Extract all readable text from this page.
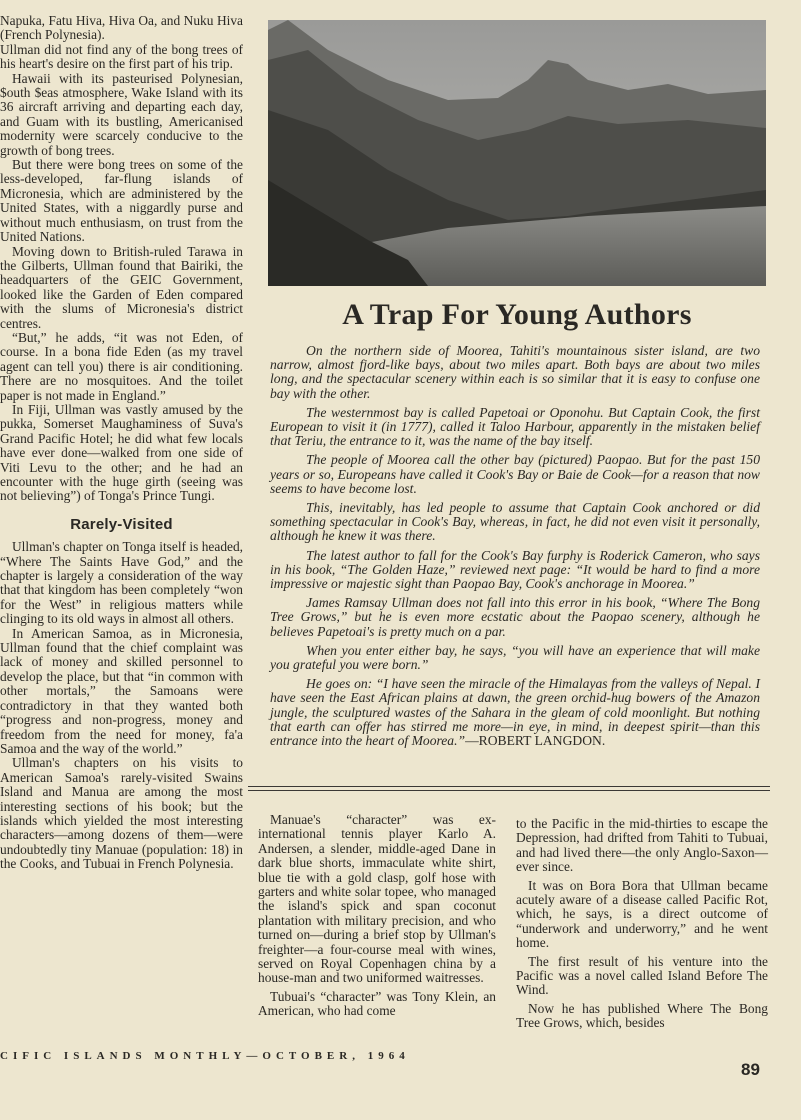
Napuka, Fatu Hiva, Hiva Oa, and Nuku Hiva (French Polynesia).

Ullman did not find any of the bong trees of his heart's desire on the first part of his trip.

Hawaii with its pasteurised Polynesian, $outh $eas atmosphere, Wake Island with its 36 aircraft arriving and departing each day, and Guam with its bustling, Americanised modernity were scarcely conducive to the growth of bong trees.

But there were bong trees on some of the less-developed, far-flung islands of Micronesia, which are administered by the United States, with a niggardly purse and without much enthusiasm, on trust from the United Nations.

Moving down to British-ruled Tarawa in the Gilberts, Ullman found that Bairiki, the headquarters of the GEIC Government, looked like the Garden of Eden compared with the slums of Micronesia's district centres.

“But,” he adds, “it was not Eden, of course. In a bona fide Eden (as my travel agent can tell you) there is air conditioning. There are no mosquitoes. And the toilet paper is not made in England.”

In Fiji, Ullman was vastly amused by the pukka, Somerset Maughaminess of Suva's Grand Pacific Hotel; he did what few locals have ever done—walked from one side of Viti Levu to the other; and he had an encounter with the huge girth (seeing was not believing”) of Tonga's Prince Tungi.

Rarely-Visited

Ullman's chapter on Tonga itself is headed, “Where The Saints Have God,” and the chapter is largely a consideration of the way that that kingdom has been completely “won for the West” in religious matters while clinging to its old ways in almost all others.

In American Samoa, as in Micronesia, Ullman found that the chief complaint was lack of money and skilled personnel to develop the place, but that “in common with other mortals,” the Samoans were contradictory in that they wanted both “progress and non-progress, money and freedom from the need for money, fa'a Samoa and the way of the world.”

Ullman's chapters on his visits to American Samoa's rarely-visited Swains Island and Manua are among the most interesting sections of his book; but the islands which yielded the most interesting characters—among dozens of them—were undoubtedly tiny Manuae (population: 18) in the Cooks, and Tubuai in French Polynesia.

A Trap For Young Authors

On the northern side of Moorea, Tahiti's mountainous sister island, are two narrow, almost fjord-like bays, about two miles apart. Both bays are about two miles long, and the spectacular scenery within each is so similar that it is easy to confuse one bay with the other.

The westernmost bay is called Papetoai or Oponohu. But Captain Cook, the first European to visit it (in 1777), called it Taloo Harbour, apparently in the mistaken belief that Teriu, the entrance to it, was the name of the bay itself.

The people of Moorea call the other bay (pictured) Paopao. But for the past 150 years or so, Europeans have called it Cook's Bay or Baie de Cook—for a reason that now seems to have become lost.

This, inevitably, has led people to assume that Captain Cook anchored or did something spectacular in Cook's Bay, whereas, in fact, he did not even visit it personally, although he knew it was there.

The latest author to fall for the Cook's Bay furphy is Roderick Cameron, who says in his book, “The Golden Haze,” reviewed next page: “It would be hard to find a more impressive or majestic sight than Paopao Bay, Cook's anchorage in Moorea.”

James Ramsay Ullman does not fall into this error in his book, “Where The Bong Tree Grows,” but he is even more ecstatic about the Paopao scenery, although he believes Papetoai's is pretty much on a par.

When you enter either bay, he says, “you will have an experience that will make you grateful you were born.”

He goes on: “I have seen the miracle of the Himalayas from the valleys of Nepal. I have seen the East African plains at dawn, the green orchid-hug bowers of the Amazon jungle, the sculptured wastes of the Sahara in the gleam of cold moonlight. But nothing that earth can offer has stirred me more—in eye, in mind, in deepest spirit—than this entrance into the heart of Moorea.”—ROBERT LANGDON.

Manuae's “character” was ex-international tennis player Karlo A. Andersen, a slender, middle-aged Dane in dark blue shorts, immaculate white shirt, blue tie with a gold clasp, golf hose with garters and white solar topee, who managed the island's spick and span coconut plantation with military precision, and who turned on—during a brief stop by Ullman's freighter—a four-course meal with wines, served on Royal Copenhagen china by a house-man and two uniformed waitresses.

Tubuai's “character” was Tony Klein, an American, who had come

to the Pacific in the mid-thirties to escape the Depression, had drifted from Tahiti to Tubuai, and had lived there—the only Anglo-Saxon—ever since.

It was on Bora Bora that Ullman became acutely aware of a disease called Pacific Rot, which, he says, is a direct outcome of “underwork and underworry,” and he went home.

The first result of his venture into the Pacific was a novel called Island Before The Wind.

Now he has published Where The Bong Tree Grows, which, besides

CIFIC ISLANDS MONTHLY—OCTOBER, 1964
89
